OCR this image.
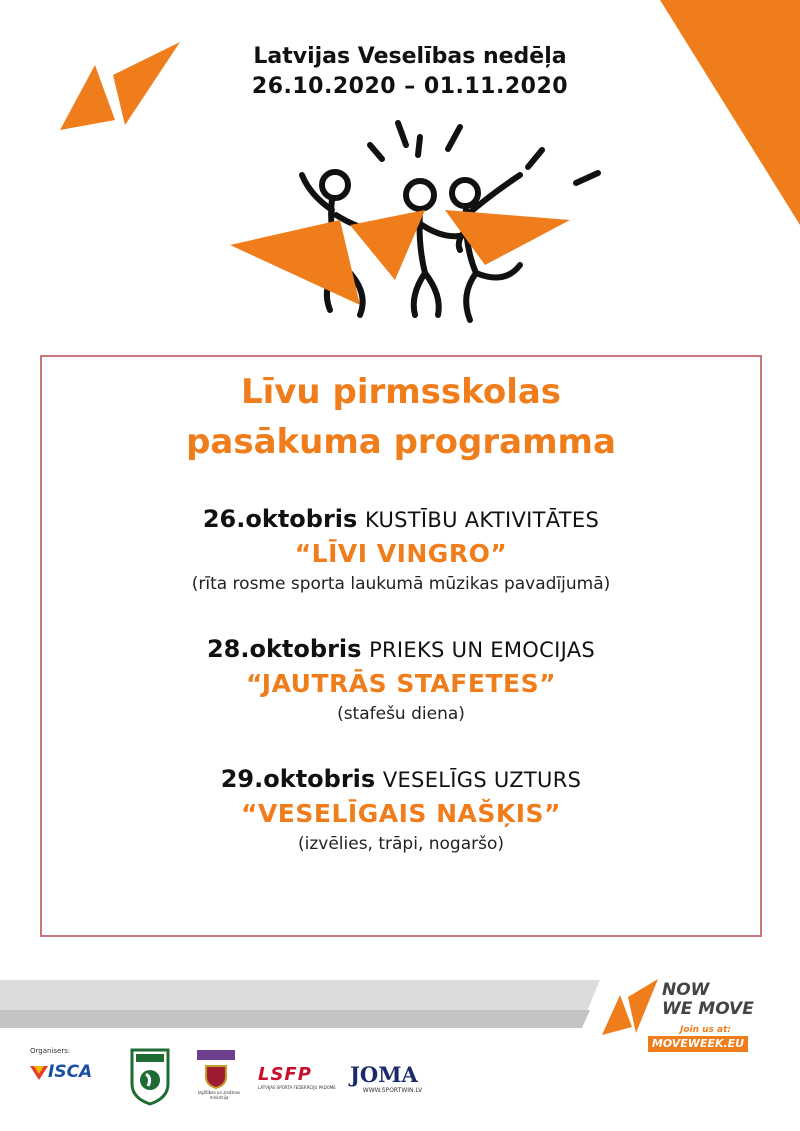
Latvijas Veselības nedēļa
26.10.2020 – 01.11.2020
Līvu pirmsskolas
pasākuma programma
26.oktobris KUSTĪBU AKTIVITĀTES
“LĪVI VINGRO”
(rīta rosme sporta laukumā mūzikas pavadījumā)
28.oktobris PRIEKS UN EMOCIJAS
“JAUTRĀS STAFETES”
(stafešu diena)
29.oktobris VESELĪGS UZTURS
“VESELĪGAIS NAŠĶIS”
(izvēlies, trāpi, nogaršo)
NOW
WE MOVE
Join us at:
MOVEWEEK.EU
Organisers:
ISCA
Izglītības un zinātnes ministrija
LSFP
LATVIJAS SPORTA FEDERĀCIJU PADOME
JOMA
WWW.SPORTWIN.LV
